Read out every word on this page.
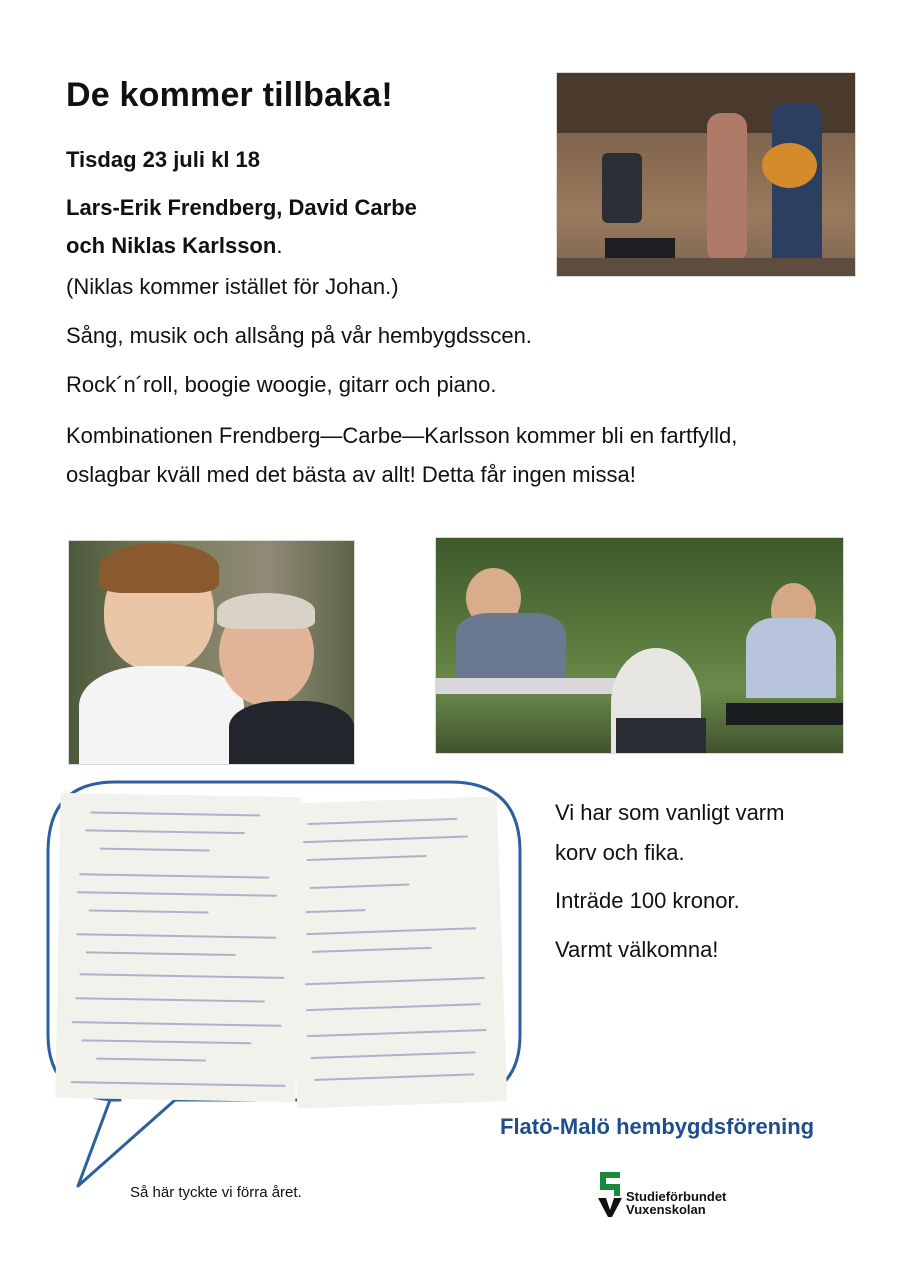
De kommer tillbaka!
Tisdag 23 juli kl 18
Lars-Erik Frendberg, David Carbe
och Niklas Karlsson.
(Niklas kommer istället för Johan.)
Sång, musik och allsång på vår hembygdsscen.
Rock´n´roll, boogie woogie, gitarr och piano.
Kombinationen Frendberg—Carbe—Karlsson kommer bli en fartfylld,
oslagbar kväll med det bästa av allt! Detta får ingen missa!
Så här tyckte vi förra året.
Vi har som vanligt varm
korv och fika.
Inträde 100 kronor.
Varmt välkomna!
Flatö-Malö hembygdsförening
Studieförbundet
Vuxenskolan
